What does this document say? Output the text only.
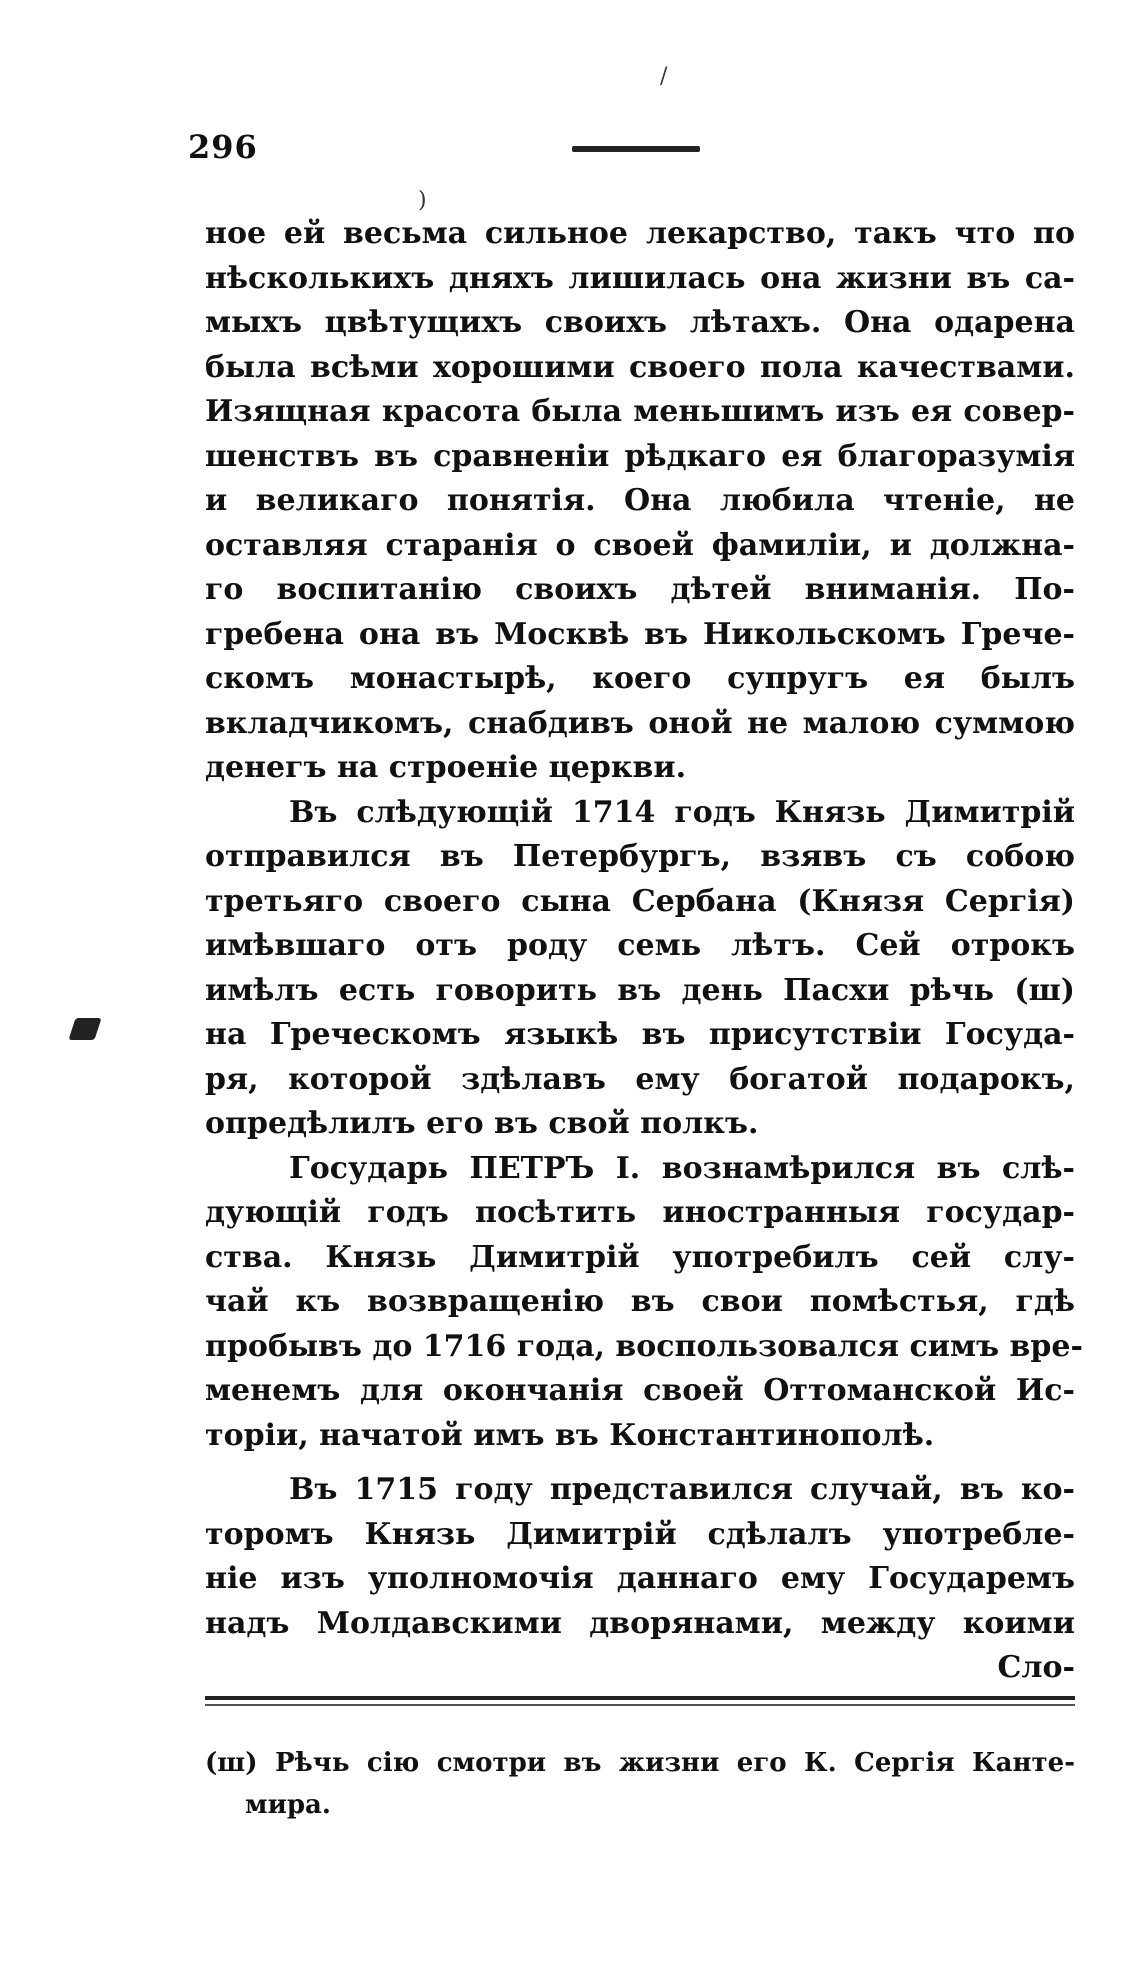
296
/
)
ное ей весьма сильное лекарство, такъ что по
нѣсколькихъ дняхъ лишилась она жизни въ са-
мыхъ цвѣтущихъ своихъ лѣтахъ. Она одарена
была всѣми хорошими своего пола качествами.
Изящная красота была меньшимъ изъ ея совер-
шенствъ въ сравненіи рѣдкаго ея благоразумія
и великаго понятія. Она любила чтеніе, не
оставляя старанія о своей фамиліи, и должна-
го воспитанію своихъ дѣтей вниманія. По-
гребена она въ Москвѣ въ Никольскомъ Грече-
скомъ монастырѣ, коего супругъ ея былъ
вкладчикомъ, снабдивъ оной не малою суммою
денегъ на строеніе церкви.
Въ слѣдующій 1714 годъ Князь Димитрій
отправился въ Петербургъ, взявъ съ собою
третьяго своего сына Сербана (Князя Сергія)
имѣвшаго отъ роду семь лѣтъ. Сей отрокъ
имѣлъ есть говорить въ день Пасхи рѣчь (ш)
на Греческомъ языкѣ въ присутствіи Госуда-
ря, которой здѣлавъ ему богатой подарокъ,
опредѣлилъ его въ свой полкъ.
Государь ПЕТРЪ I. вознамѣрился въ слѣ-
дующій годъ посѣтить иностранныя государ-
ства. Князь Димитрій употребилъ сей слу-
чай къ возвращенію въ свои помѣстья, гдѣ
пробывъ до 1716 года, воспользовался симъ вре-
менемъ для окончанія своей Оттоманской Ис-
торіи, начатой имъ въ Константинополѣ.
Въ 1715 году представился случай, въ ко-
торомъ Князь Димитрій сдѣлалъ употребле-
ніе изъ уполномочія даннаго ему Государемъ
надъ Молдавскими дворянами, между коими
Сло-
(ш) Рѣчь сію смотри въ жизни его К. Сергія Канте-
мира.
